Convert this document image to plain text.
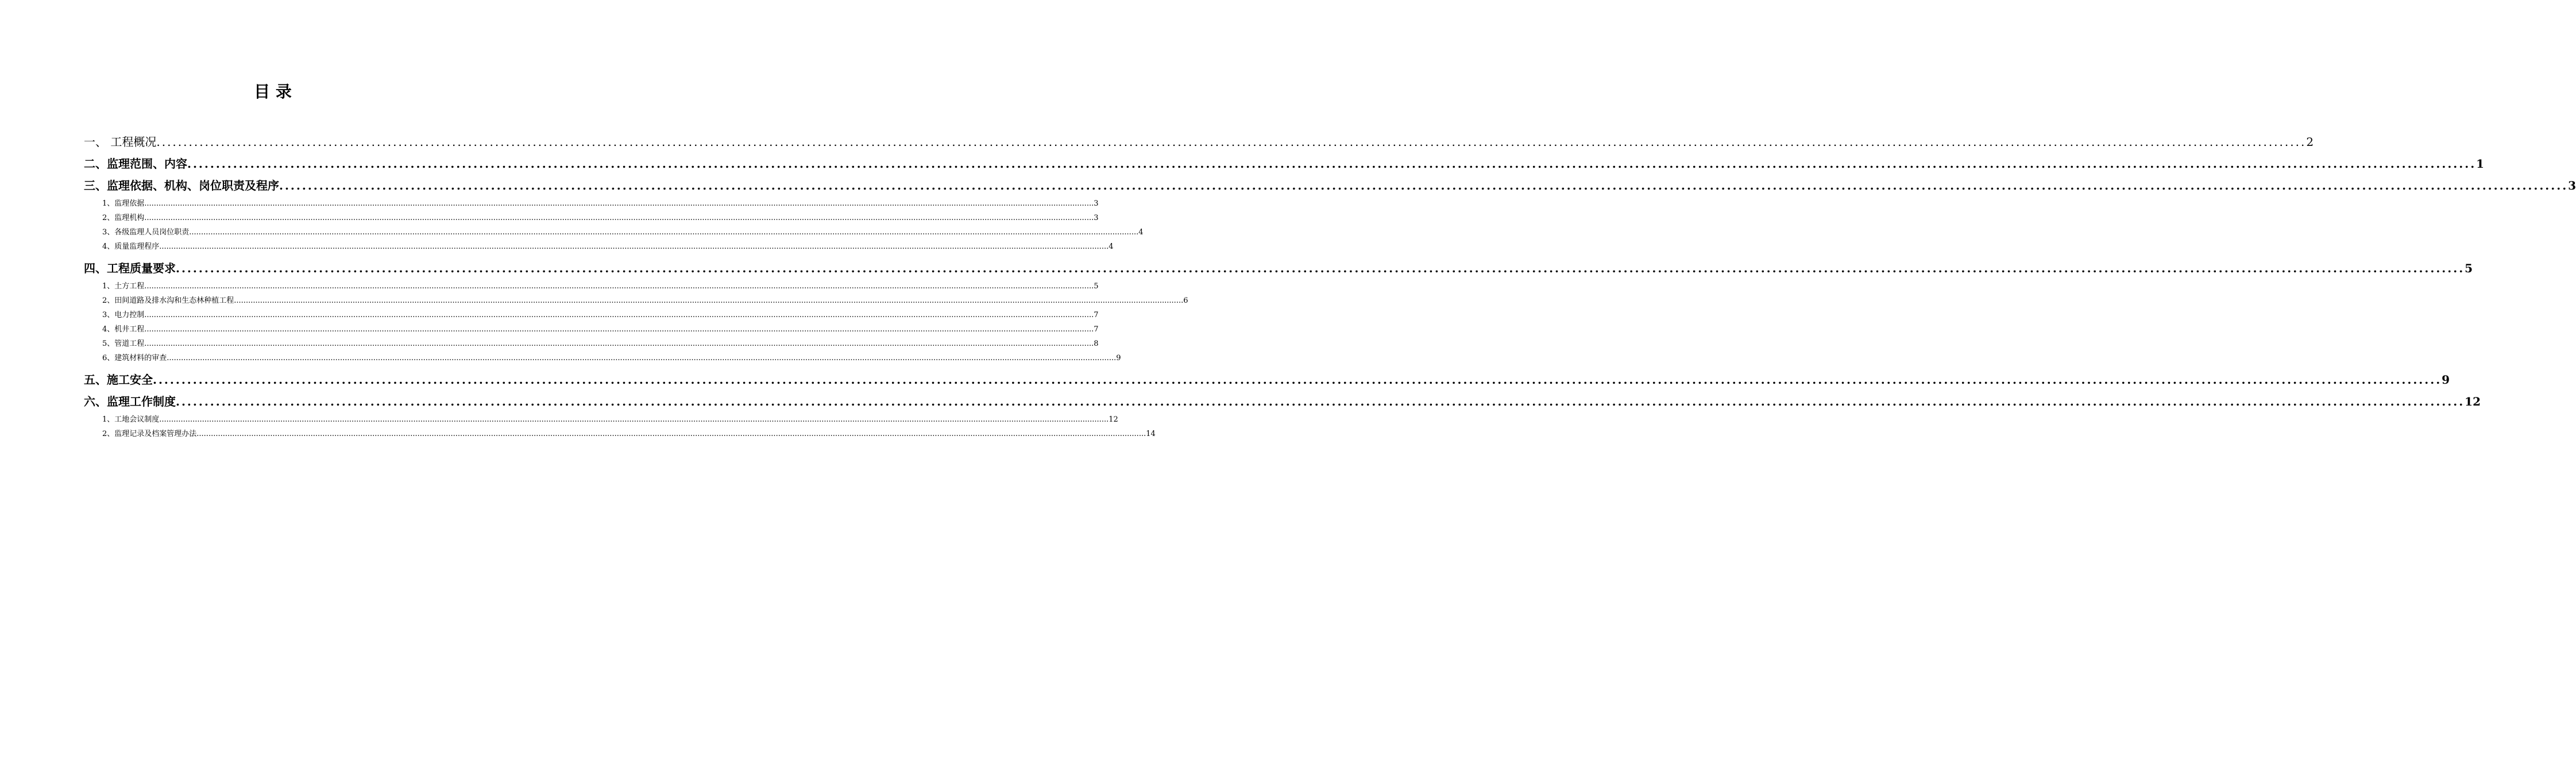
目 录
一、 工程概况 ................................................................................................................................................................................................................................................................................................................................................................................................................ 2
二、监理范围、内容 ................................................................................................................................................................................................................................................................................................................................................................................................................ 1
三、监理依据、机构、岗位职责及程序 ................................................................................................................................................................................................................................................................................................................................................................................................................ 3
1、监理依据 ................................................................................................................................................................................................................................................................................................................................................................................................................ 3
2、监理机构 ................................................................................................................................................................................................................................................................................................................................................................................................................ 3
3、各级监理人员岗位职责 ................................................................................................................................................................................................................................................................................................................................................................................................................ 4
4、质量监理程序 ................................................................................................................................................................................................................................................................................................................................................................................................................ 4
四、工程质量要求 ................................................................................................................................................................................................................................................................................................................................................................................................................ 5
1、土方工程 ................................................................................................................................................................................................................................................................................................................................................................................................................ 5
2、田间道路及排水沟和生态林种植工程 ................................................................................................................................................................................................................................................................................................................................................................................................................ 6
3、电力控制 ................................................................................................................................................................................................................................................................................................................................................................................................................ 7
4、机井工程 ................................................................................................................................................................................................................................................................................................................................................................................................................ 7
5、管道工程 ................................................................................................................................................................................................................................................................................................................................................................................................................ 8
6、建筑材料的审查 ................................................................................................................................................................................................................................................................................................................................................................................................................ 9
五、施工安全 ................................................................................................................................................................................................................................................................................................................................................................................................................ 9
六、监理工作制度 ................................................................................................................................................................................................................................................................................................................................................................................................................ 12
1、工地会议制度 ................................................................................................................................................................................................................................................................................................................................................................................................................ 12
2、监理记录及档案管理办法 ................................................................................................................................................................................................................................................................................................................................................................................................................ 14
